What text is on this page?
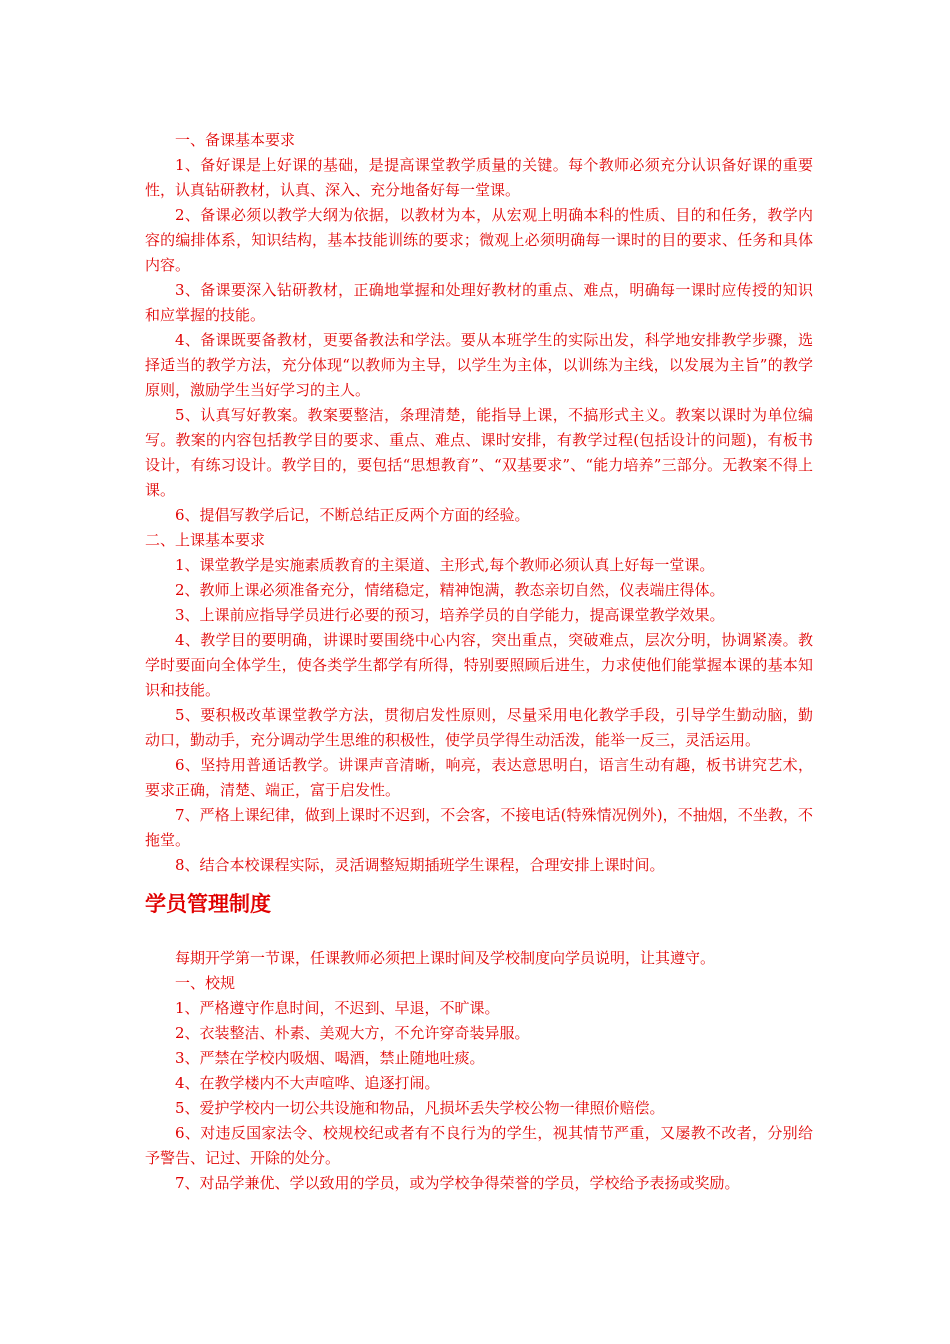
一、备课基本要求

1、备好课是上好课的基础，是提高课堂教学质量的关键。每个教师必须充分认识备好课的重要性，认真钻研教材，认真、深入、充分地备好每一堂课。

2、备课必须以教学大纲为依据，以教材为本，从宏观上明确本科的性质、目的和任务，教学内容的编排体系，知识结构，基本技能训练的要求；微观上必须明确每一课时的目的要求、任务和具体内容。

3、备课要深入钻研教材，正确地掌握和处理好教材的重点、难点，明确每一课时应传授的知识和应掌握的技能。

4、备课既要备教材，更要备教法和学法。要从本班学生的实际出发，科学地安排教学步骤，选择适当的教学方法，充分体现“以教师为主导，以学生为主体，以训练为主线，以发展为主旨”的教学原则，激励学生当好学习的主人。

5、认真写好教案。教案要整洁，条理清楚，能指导上课，不搞形式主义。教案以课时为单位编写。教案的内容包括教学目的要求、重点、难点、课时安排，有教学过程(包括设计的问题)，有板书设计，有练习设计。教学目的，要包括“思想教育”、“双基要求”、“能力培养”三部分。无教案不得上课。

6、提倡写教学后记，不断总结正反两个方面的经验。

二、上课基本要求

1、课堂教学是实施素质教育的主渠道、主形式,每个教师必须认真上好每一堂课。

2、教师上课必须准备充分，情绪稳定，精神饱满，教态亲切自然，仪表端庄得体。

3、上课前应指导学员进行必要的预习，培养学员的自学能力，提高课堂教学效果。

4、教学目的要明确，讲课时要围绕中心内容，突出重点，突破难点，层次分明，协调紧凑。教学时要面向全体学生，使各类学生都学有所得，特别要照顾后进生，力求使他们能掌握本课的基本知识和技能。

5、要积极改革课堂教学方法，贯彻启发性原则，尽量采用电化教学手段，引导学生勤动脑，勤动口，勤动手，充分调动学生思维的积极性，使学员学得生动活泼，能举一反三，灵活运用。

6、坚持用普通话教学。讲课声音清晰，响亮，表达意思明白，语言生动有趣，板书讲究艺术，要求正确，清楚、端正，富于启发性。

7、严格上课纪律，做到上课时不迟到，不会客，不接电话(特殊情况例外)，不抽烟，不坐教，不拖堂。

8、结合本校课程实际，灵活调整短期插班学生课程，合理安排上课时间。

学员管理制度

每期开学第一节课，任课教师必须把上课时间及学校制度向学员说明，让其遵守。

一、校规

1、严格遵守作息时间，不迟到、早退，不旷课。

2、衣装整洁、朴素、美观大方，不允许穿奇装异服。

3、严禁在学校内吸烟、喝酒，禁止随地吐痰。

4、在教学楼内不大声喧哗、追逐打闹。

5、爱护学校内一切公共设施和物品，凡损坏丢失学校公物一律照价赔偿。

6、对违反国家法令、校规校纪或者有不良行为的学生，视其情节严重，又屡教不改者，分别给予警告、记过、开除的处分。

7、对品学兼优、学以致用的学员，或为学校争得荣誉的学员，学校给予表扬或奖励。
